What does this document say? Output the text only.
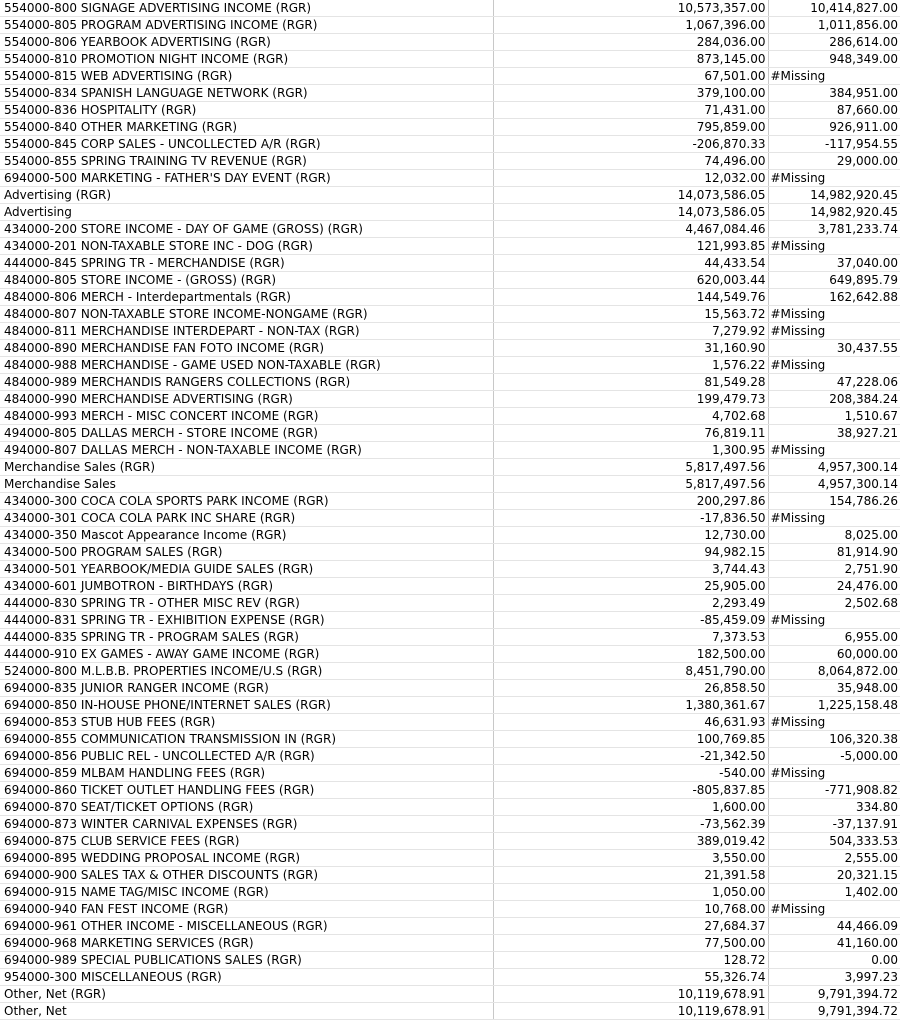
554000-800 SIGNAGE ADVERTISING INCOME (RGR)	10,573,357.00	10,414,827.00
554000-805 PROGRAM ADVERTISING INCOME (RGR)	1,067,396.00	1,011,856.00
554000-806 YEARBOOK ADVERTISING (RGR)	284,036.00	286,614.00
554000-810 PROMOTION NIGHT INCOME (RGR)	873,145.00	948,349.00
554000-815 WEB ADVERTISING (RGR)	67,501.00	#Missing
554000-834 SPANISH LANGUAGE NETWORK (RGR)	379,100.00	384,951.00
554000-836 HOSPITALITY (RGR)	71,431.00	87,660.00
554000-840 OTHER MARKETING (RGR)	795,859.00	926,911.00
554000-845 CORP SALES - UNCOLLECTED A/R (RGR)	-206,870.33	-117,954.55
554000-855 SPRING TRAINING TV REVENUE (RGR)	74,496.00	29,000.00
694000-500 MARKETING - FATHER'S DAY EVENT (RGR)	12,032.00	#Missing
Advertising (RGR)	14,073,586.05	14,982,920.45
Advertising	14,073,586.05	14,982,920.45
434000-200 STORE INCOME - DAY OF GAME (GROSS) (RGR)	4,467,084.46	3,781,233.74
434000-201 NON-TAXABLE STORE INC - DOG (RGR)	121,993.85	#Missing
444000-845 SPRING TR - MERCHANDISE (RGR)	44,433.54	37,040.00
484000-805 STORE INCOME - (GROSS) (RGR)	620,003.44	649,895.79
484000-806 MERCH - Interdepartmentals (RGR)	144,549.76	162,642.88
484000-807 NON-TAXABLE STORE INCOME-NONGAME (RGR)	15,563.72	#Missing
484000-811 MERCHANDISE INTERDEPART - NON-TAX (RGR)	7,279.92	#Missing
484000-890 MERCHANDISE FAN FOTO INCOME (RGR)	31,160.90	30,437.55
484000-988 MERCHANDISE - GAME USED NON-TAXABLE (RGR)	1,576.22	#Missing
484000-989 MERCHANDIS RANGERS COLLECTIONS (RGR)	81,549.28	47,228.06
484000-990 MERCHANDISE ADVERTISING (RGR)	199,479.73	208,384.24
484000-993 MERCH - MISC CONCERT INCOME (RGR)	4,702.68	1,510.67
494000-805 DALLAS MERCH - STORE INCOME (RGR)	76,819.11	38,927.21
494000-807 DALLAS MERCH - NON-TAXABLE INCOME (RGR)	1,300.95	#Missing
Merchandise Sales (RGR)	5,817,497.56	4,957,300.14
Merchandise Sales	5,817,497.56	4,957,300.14
434000-300 COCA COLA SPORTS PARK INCOME (RGR)	200,297.86	154,786.26
434000-301 COCA COLA PARK INC SHARE (RGR)	-17,836.50	#Missing
434000-350 Mascot Appearance Income (RGR)	12,730.00	8,025.00
434000-500 PROGRAM SALES (RGR)	94,982.15	81,914.90
434000-501 YEARBOOK/MEDIA GUIDE SALES (RGR)	3,744.43	2,751.90
434000-601 JUMBOTRON - BIRTHDAYS (RGR)	25,905.00	24,476.00
444000-830 SPRING TR - OTHER MISC REV (RGR)	2,293.49	2,502.68
444000-831 SPRING TR - EXHIBITION EXPENSE (RGR)	-85,459.09	#Missing
444000-835 SPRING TR - PROGRAM SALES (RGR)	7,373.53	6,955.00
444000-910 EX GAMES - AWAY GAME INCOME (RGR)	182,500.00	60,000.00
524000-800 M.L.B.B. PROPERTIES INCOME/U.S (RGR)	8,451,790.00	8,064,872.00
694000-835 JUNIOR RANGER INCOME (RGR)	26,858.50	35,948.00
694000-850 IN-HOUSE PHONE/INTERNET SALES (RGR)	1,380,361.67	1,225,158.48
694000-853 STUB HUB FEES (RGR)	46,631.93	#Missing
694000-855 COMMUNICATION TRANSMISSION IN (RGR)	100,769.85	106,320.38
694000-856 PUBLIC REL - UNCOLLECTED A/R (RGR)	-21,342.50	-5,000.00
694000-859 MLBAM HANDLING FEES (RGR)	-540.00	#Missing
694000-860 TICKET OUTLET HANDLING FEES (RGR)	-805,837.85	-771,908.82
694000-870 SEAT/TICKET OPTIONS (RGR)	1,600.00	334.80
694000-873 WINTER CARNIVAL EXPENSES (RGR)	-73,562.39	-37,137.91
694000-875 CLUB SERVICE FEES (RGR)	389,019.42	504,333.53
694000-895 WEDDING PROPOSAL INCOME (RGR)	3,550.00	2,555.00
694000-900 SALES TAX & OTHER DISCOUNTS (RGR)	21,391.58	20,321.15
694000-915 NAME TAG/MISC INCOME (RGR)	1,050.00	1,402.00
694000-940 FAN FEST INCOME (RGR)	10,768.00	#Missing
694000-961 OTHER INCOME - MISCELLANEOUS (RGR)	27,684.37	44,466.09
694000-968 MARKETING SERVICES (RGR)	77,500.00	41,160.00
694000-989 SPECIAL PUBLICATIONS SALES (RGR)	128.72	0.00
954000-300 MISCELLANEOUS (RGR)	55,326.74	3,997.23
Other, Net (RGR)	10,119,678.91	9,791,394.72
Other, Net	10,119,678.91	9,791,394.72
